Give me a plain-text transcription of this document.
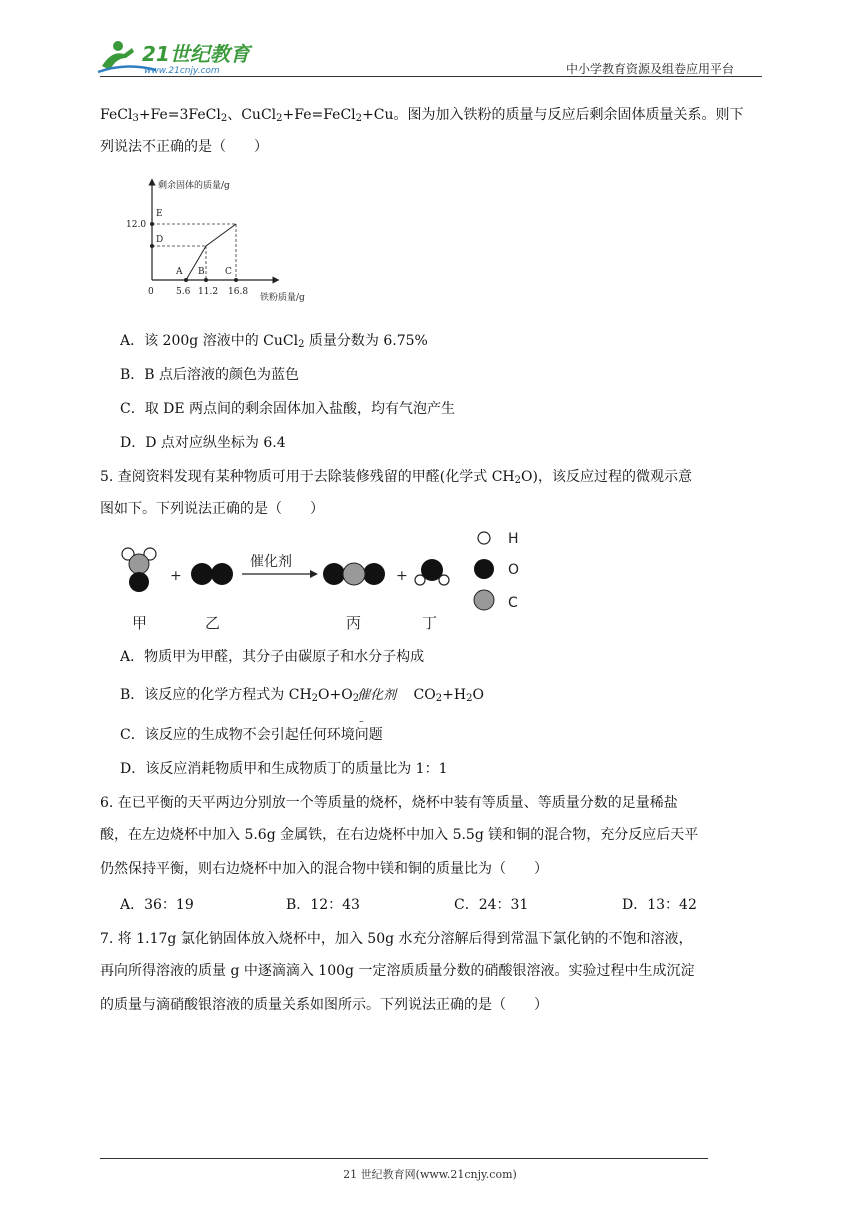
21世纪教育
www.21cnjy.com	中小学教育资源及组卷应用平台
FeCl$_3$+Fe=3FeCl$_2$、CuCl$_2$+Fe=FeCl$_2$+Cu。图为加入铁粉的质量与反应后剩余固体质量关系。则下
列说法不正确的是（　　）
剩余固体的质量/g
铁粉质量/g
E
D
A B C
12.0
0 5.6 11.2 16.8
A．该 200g 溶液中的 CuCl$_2$ 质量分数为 6.75%
B．B 点后溶液的颜色为蓝色
C．取 DE 两点间的剩余固体加入盐酸，均有气泡产生
D．D 点对应纵坐标为 6.4
5. 查阅资料发现有某种物质可用于去除装修残留的甲醛(化学式 $CH_2O$)，该反应过程的微观示意
图如下。下列说法正确的是（　　）
+
催化剂
+
H
O
C
甲	乙	丙	丁
A．物质甲为甲醛，其分子由碳原子和水分子构成
B．该反应的化学方程式为 $CH_2O+O_2$
催化剂
–
$CO_2+H_2O$
C．该反应的生成物不会引起任何环境问题
D．该反应消耗物质甲和生成物质丁的质量比为 1：1
6. 在已平衡的天平两边分别放一个等质量的烧杯，烧杯中装有等质量、等质量分数的足量稀盐
酸，在左边烧杯中加入 5.6g 金属铁，在右边烧杯中加入 5.5g 镁和铜的混合物，充分反应后天平
仍然保持平衡，则右边烧杯中加入的混合物中镁和铜的质量比为（　　）
A．36：19	B．12：43	C．24：31	D．13：42
7. 将 1.17g 氯化钠固体放入烧杯中，加入 50g 水充分溶解后得到常温下氯化钠的不饱和溶液，
再向所得溶液的质量 g 中逐滴滴入 100g 一定溶质质量分数的硝酸银溶液。实验过程中生成沉淀
的质量与滴硝酸银溶液的质量关系如图所示。下列说法正确的是（　　）
21 世纪教育网(www.21cnjy.com)
